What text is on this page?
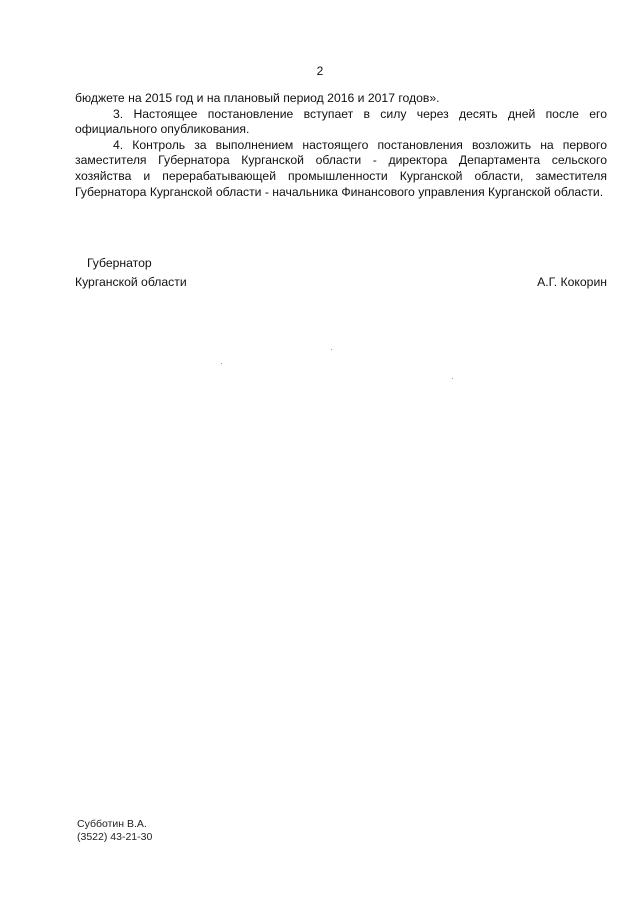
2

бюджете на 2015 год и на плановый период 2016 и 2017 годов».

3. Настоящее постановление вступает в силу через десять дней после его официального опубликования.

4. Контроль за выполнением настоящего постановления возложить на первого заместителя Губернатора Курганской области - директора Департамента сельского хозяйства и перерабатывающей промышленности Курганской области, заместителя Губернатора Курганской области - начальника Финансового управления Курганской области.

Губернатор
Курганской области	А.Г. Кокорин
Субботин В.А.
(3522) 43-21-30
